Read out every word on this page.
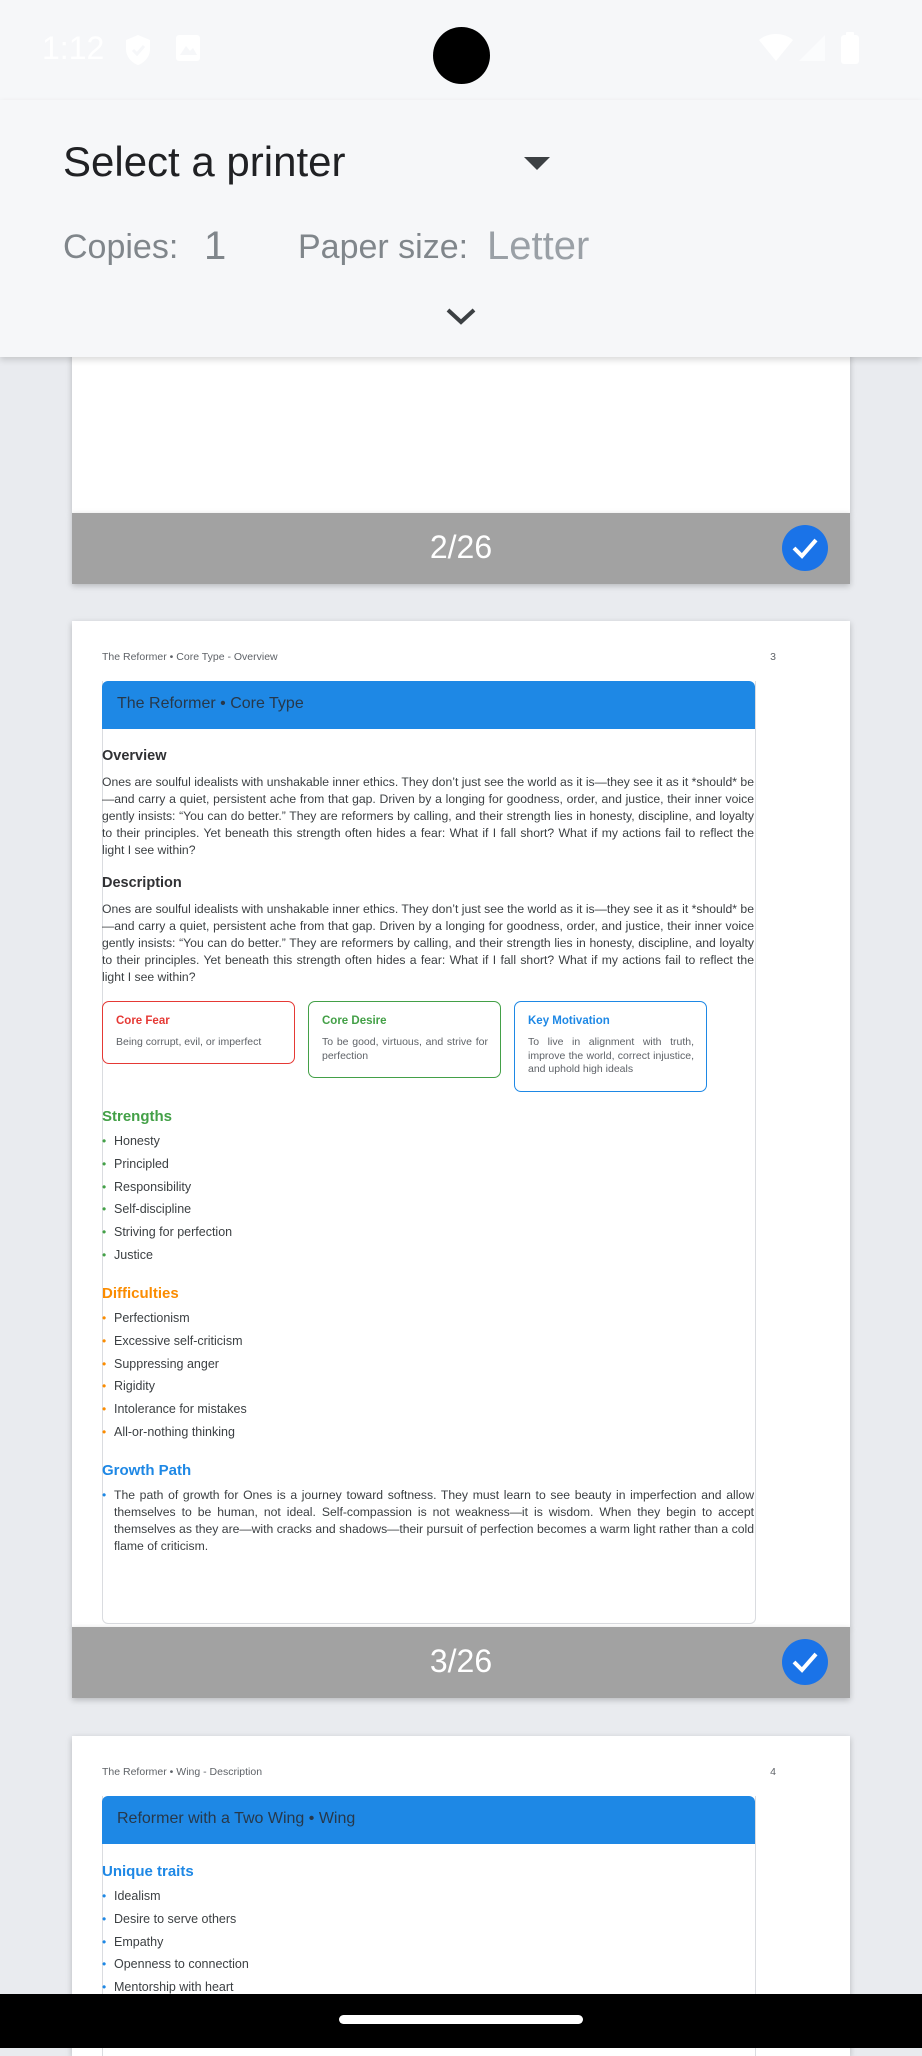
1:12
Select a printer
Copies: 1 Paper size: Letter
2/26
The Reformer • Core Type - Overview	3
The Reformer • Core Type
Overview

Ones are soulful idealists with unshakable inner ethics. They don’t just see the world as it is—they see it as it *should* be—and carry a quiet, persistent ache from that gap. Driven by a longing for goodness, order, and justice, their inner voice gently insists: “You can do better.” They are reformers by calling, and their strength lies in honesty, discipline, and loyalty to their principles. Yet beneath this strength often hides a fear: What if I fall short? What if my actions fail to reflect the light I see within?

Description

Ones are soulful idealists with unshakable inner ethics. They don’t just see the world as it is—they see it as it *should* be—and carry a quiet, persistent ache from that gap. Driven by a longing for goodness, order, and justice, their inner voice gently insists: “You can do better.” They are reformers by calling, and their strength lies in honesty, discipline, and loyalty to their principles. Yet beneath this strength often hides a fear: What if I fall short? What if my actions fail to reflect the light I see within?

Core Fear
Being corrupt, evil, or imperfect
Core Desire
To be good, virtuous, and strive for perfection
Key Motivation
To live in alignment with truth, improve the world, correct injustice, and uphold high ideals
Strengths
• Honesty
• Principled
• Responsibility
• Self-discipline
• Striving for perfection
• Justice
Difficulties
• Perfectionism
• Excessive self-criticism
• Suppressing anger
• Rigidity
• Intolerance for mistakes
• All-or-nothing thinking
Growth Path
• The path of growth for Ones is a journey toward softness. They must learn to see beauty in imperfection and allow themselves to be human, not ideal. Self-compassion is not weakness—it is wisdom. When they begin to accept themselves as they are—with cracks and shadows—their pursuit of perfection becomes a warm light rather than a cold flame of criticism.

3/26
The Reformer • Wing - Description	4
Reformer with a Two Wing • Wing
Unique traits
• Idealism
• Desire to serve others
• Empathy
• Openness to connection
• Mentorship with heart
